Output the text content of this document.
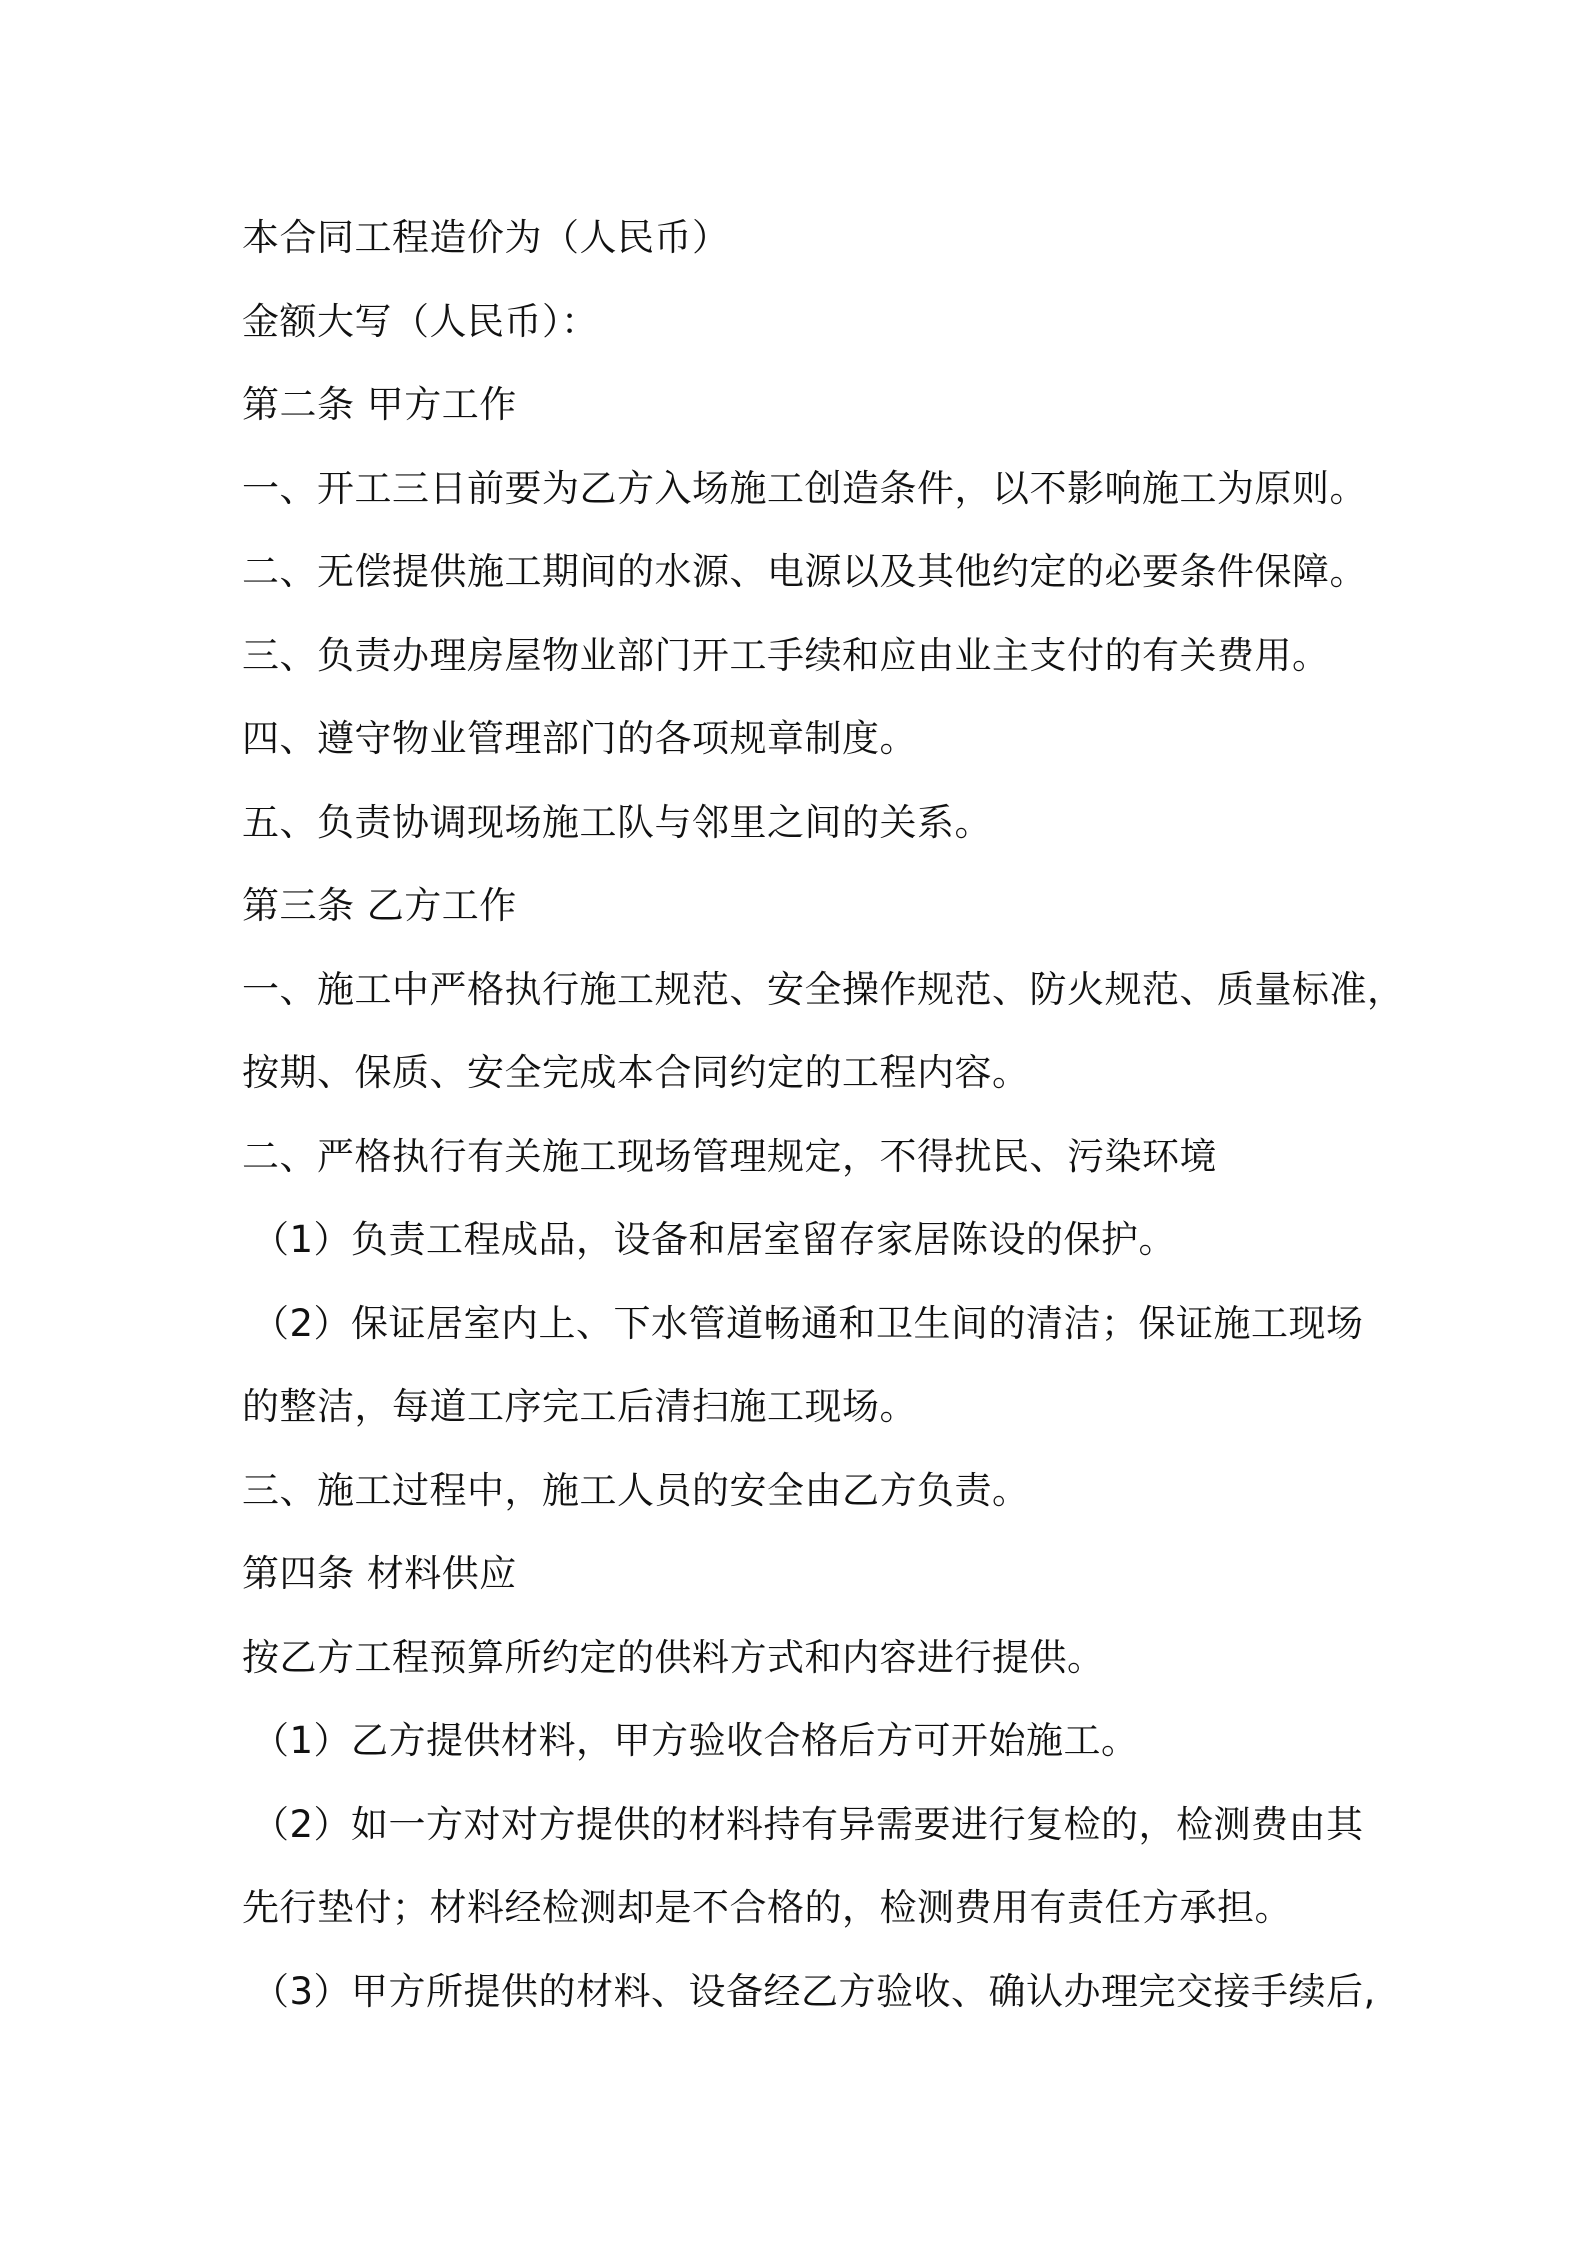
本合同工程造价为（人民币）
金额大写（人民币）：
第二条 甲方工作
一、开工三日前要为乙方入场施工创造条件，以不影响施工为原则。
二、无偿提供施工期间的水源、电源以及其他约定的必要条件保障。
三、负责办理房屋物业部门开工手续和应由业主支付的有关费用。
四、遵守物业管理部门的各项规章制度。
五、负责协调现场施工队与邻里之间的关系。
第三条 乙方工作
一、施工中严格执行施工规范、安全操作规范、防火规范、质量标准，
按期、保质、安全完成本合同约定的工程内容。
二、严格执行有关施工现场管理规定，不得扰民、污染环境
（1）负责工程成品，设备和居室留存家居陈设的保护。
（2）保证居室内上、下水管道畅通和卫生间的清洁；保证施工现场
的整洁，每道工序完工后清扫施工现场。
三、施工过程中，施工人员的安全由乙方负责。
第四条 材料供应
按乙方工程预算所约定的供料方式和内容进行提供。
（1）乙方提供材料，甲方验收合格后方可开始施工。
（2）如一方对对方提供的材料持有异需要进行复检的，检测费由其
先行垫付；材料经检测却是不合格的，检测费用有责任方承担。
（3）甲方所提供的材料、设备经乙方验收、确认办理完交接手续后,
